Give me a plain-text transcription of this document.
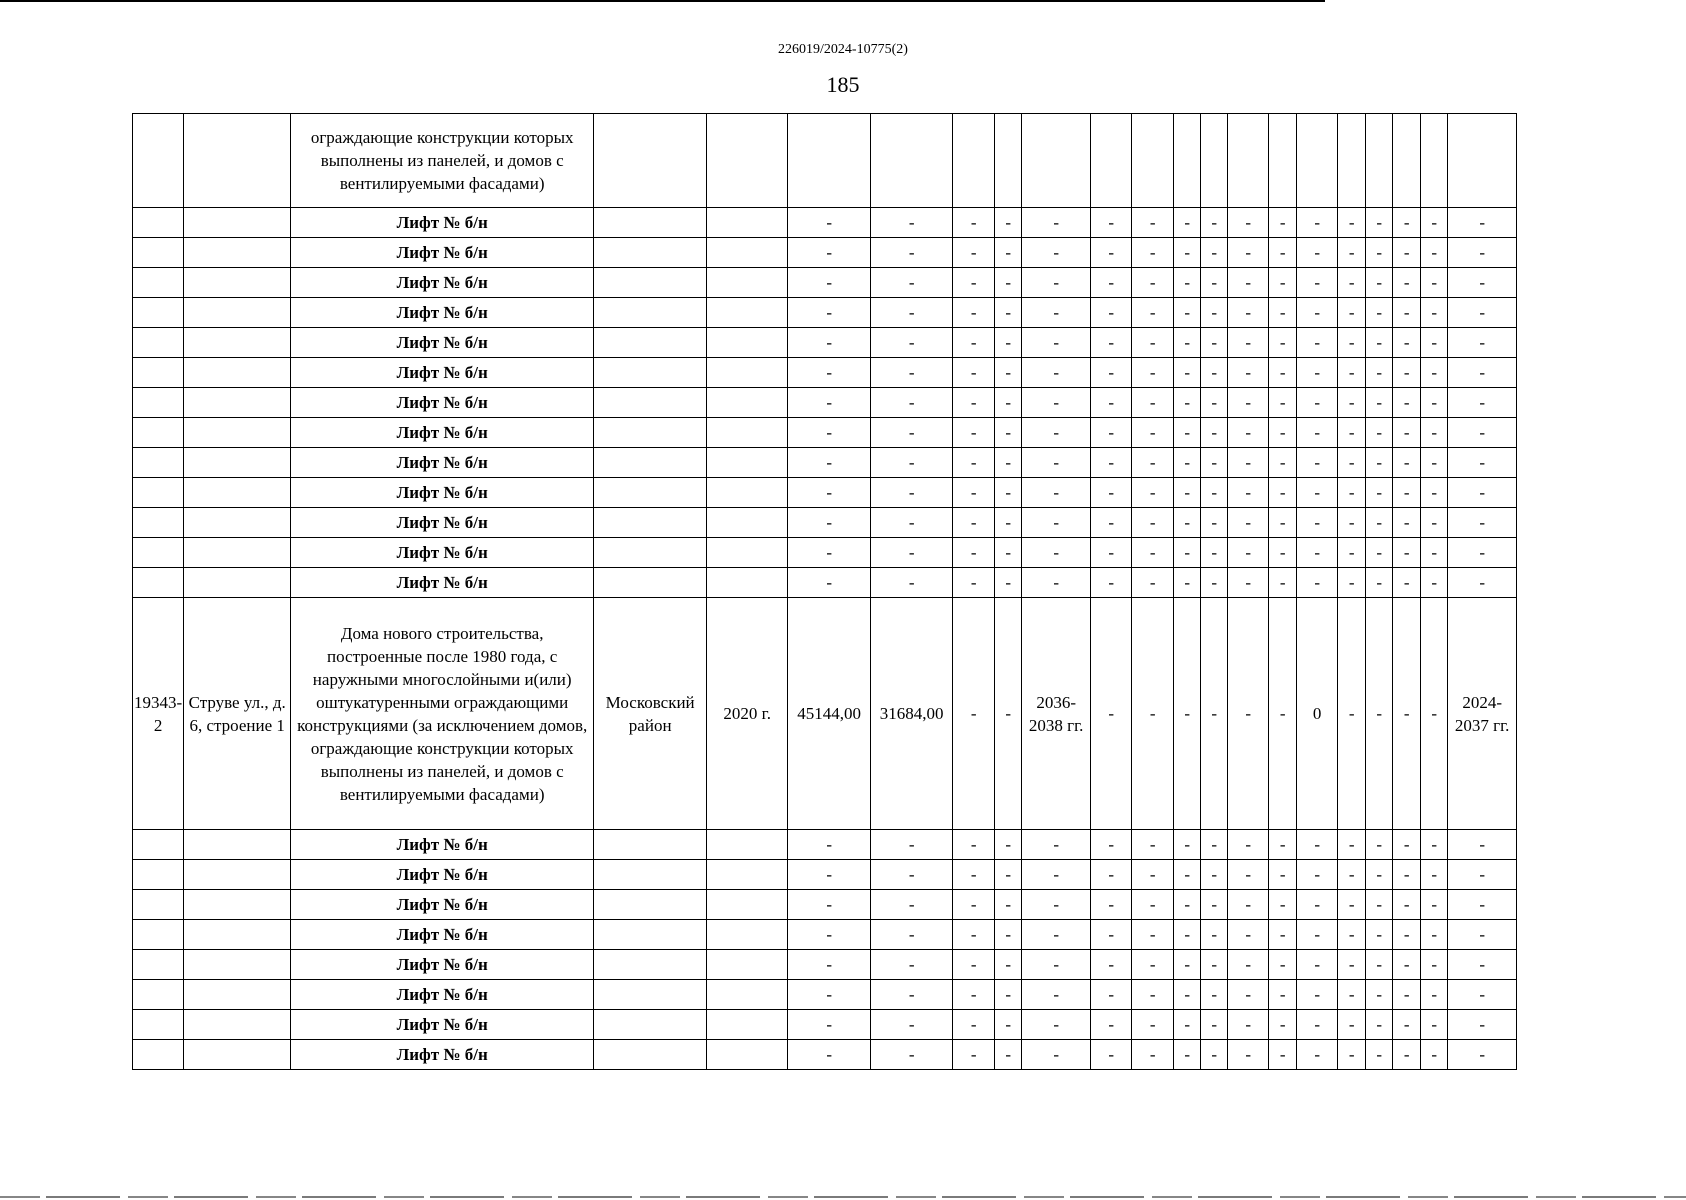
226019/2024-10775(2)
185
		ограждающие конструкции которых выполнены из панелей, и домов с вентилируемыми фасадами)																			
		Лифт № б/н			-	-	-	-	-	-	-	-	-	-	-	-	-	-	-	-	-
		Лифт № б/н			-	-	-	-	-	-	-	-	-	-	-	-	-	-	-	-	-
		Лифт № б/н			-	-	-	-	-	-	-	-	-	-	-	-	-	-	-	-	-
		Лифт № б/н			-	-	-	-	-	-	-	-	-	-	-	-	-	-	-	-	-
		Лифт № б/н			-	-	-	-	-	-	-	-	-	-	-	-	-	-	-	-	-
		Лифт № б/н			-	-	-	-	-	-	-	-	-	-	-	-	-	-	-	-	-
		Лифт № б/н			-	-	-	-	-	-	-	-	-	-	-	-	-	-	-	-	-
		Лифт № б/н			-	-	-	-	-	-	-	-	-	-	-	-	-	-	-	-	-
		Лифт № б/н			-	-	-	-	-	-	-	-	-	-	-	-	-	-	-	-	-
		Лифт № б/н			-	-	-	-	-	-	-	-	-	-	-	-	-	-	-	-	-
		Лифт № б/н			-	-	-	-	-	-	-	-	-	-	-	-	-	-	-	-	-
		Лифт № б/н			-	-	-	-	-	-	-	-	-	-	-	-	-	-	-	-	-
		Лифт № б/н			-	-	-	-	-	-	-	-	-	-	-	-	-	-	-	-	-
19343-2	Струве ул., д. 6, строение 1	Дома нового строительства, построенные после 1980 года, с наружными многослойными и(или) оштукатуренными ограждающими конструкциями (за исключением домов, ограждающие конструкции которых выполнены из панелей, и домов с вентилируемыми фасадами)	Московский район	2020 г.	45144,00	31684,00	-	-	2036-2038 гг.	-	-	-	-	-	-	0	-	-	-	-	2024-2037 гг.
		Лифт № б/н			-	-	-	-	-	-	-	-	-	-	-	-	-	-	-	-	-
		Лифт № б/н			-	-	-	-	-	-	-	-	-	-	-	-	-	-	-	-	-
		Лифт № б/н			-	-	-	-	-	-	-	-	-	-	-	-	-	-	-	-	-
		Лифт № б/н			-	-	-	-	-	-	-	-	-	-	-	-	-	-	-	-	-
		Лифт № б/н			-	-	-	-	-	-	-	-	-	-	-	-	-	-	-	-	-
		Лифт № б/н			-	-	-	-	-	-	-	-	-	-	-	-	-	-	-	-	-
		Лифт № б/н			-	-	-	-	-	-	-	-	-	-	-	-	-	-	-	-	-
		Лифт № б/н			-	-	-	-	-	-	-	-	-	-	-	-	-	-	-	-	-
